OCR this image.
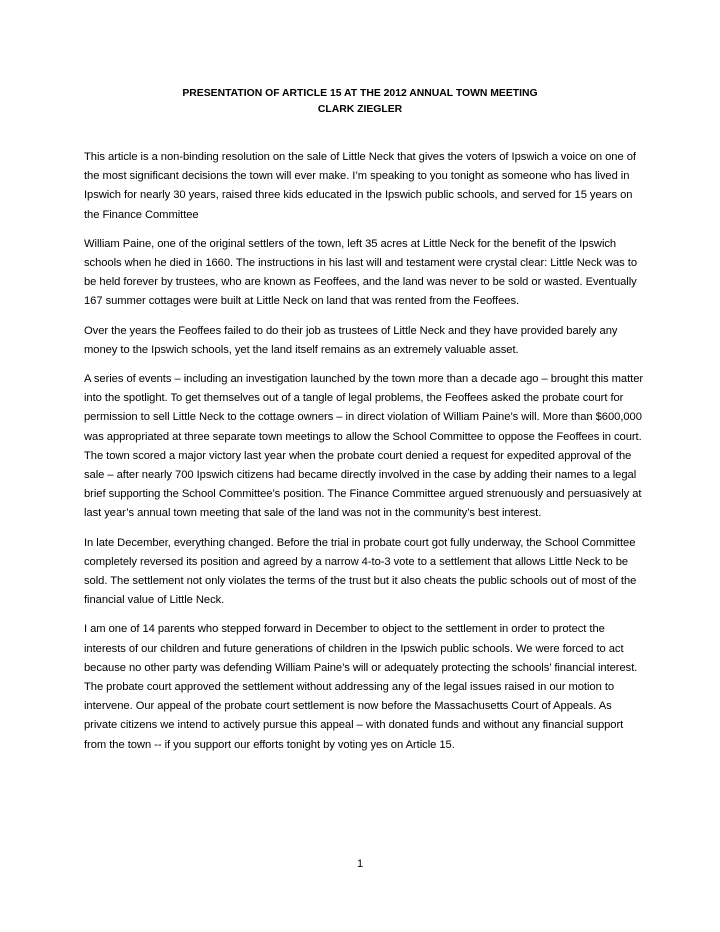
PRESENTATION OF ARTICLE 15 AT THE 2012 ANNUAL TOWN MEETING
CLARK ZIEGLER

This article is a non-binding resolution on the sale of Little Neck that gives the voters of Ipswich a voice on one of the most significant decisions the town will ever make. I’m speaking to you tonight as someone who has lived in Ipswich for nearly 30 years, raised three kids educated in the Ipswich public schools, and served for 15 years on the Finance Committee

William Paine, one of the original settlers of the town, left 35 acres at Little Neck for the benefit of the Ipswich schools when he died in 1660. The instructions in his last will and testament were crystal clear: Little Neck was to be held forever by trustees, who are known as Feoffees, and the land was never to be sold or wasted. Eventually 167 summer cottages were built at Little Neck on land that was rented from the Feoffees.

Over the years the Feoffees failed to do their job as trustees of Little Neck and they have provided barely any money to the Ipswich schools, yet the land itself remains as an extremely valuable asset.

A series of events – including an investigation launched by the town more than a decade ago – brought this matter into the spotlight. To get themselves out of a tangle of legal problems, the Feoffees asked the probate court for permission to sell Little Neck to the cottage owners – in direct violation of William Paine’s will. More than $600,000 was appropriated at three separate town meetings to allow the School Committee to oppose the Feoffees in court. The town scored a major victory last year when the probate court denied a request for expedited approval of the sale – after nearly 700 Ipswich citizens had became directly involved in the case by adding their names to a legal brief supporting the School Committee’s position. The Finance Committee argued strenuously and persuasively at last year’s annual town meeting that sale of the land was not in the community’s best interest.

In late December, everything changed. Before the trial in probate court got fully underway, the School Committee completely reversed its position and agreed by a narrow 4-to-3 vote to a settlement that allows Little Neck to be sold. The settlement not only violates the terms of the trust but it also cheats the public schools out of most of the financial value of Little Neck.

I am one of 14 parents who stepped forward in December to object to the settlement in order to protect the interests of our children and future generations of children in the Ipswich public schools. We were forced to act because no other party was defending William Paine’s will or adequately protecting the schools’ financial interest. The probate court approved the settlement without addressing any of the legal issues raised in our motion to intervene. Our appeal of the probate court settlement is now before the Massachusetts Court of Appeals. As private citizens we intend to actively pursue this appeal – with donated funds and without any financial support from the town -- if you support our efforts tonight by voting yes on Article 15.

1
